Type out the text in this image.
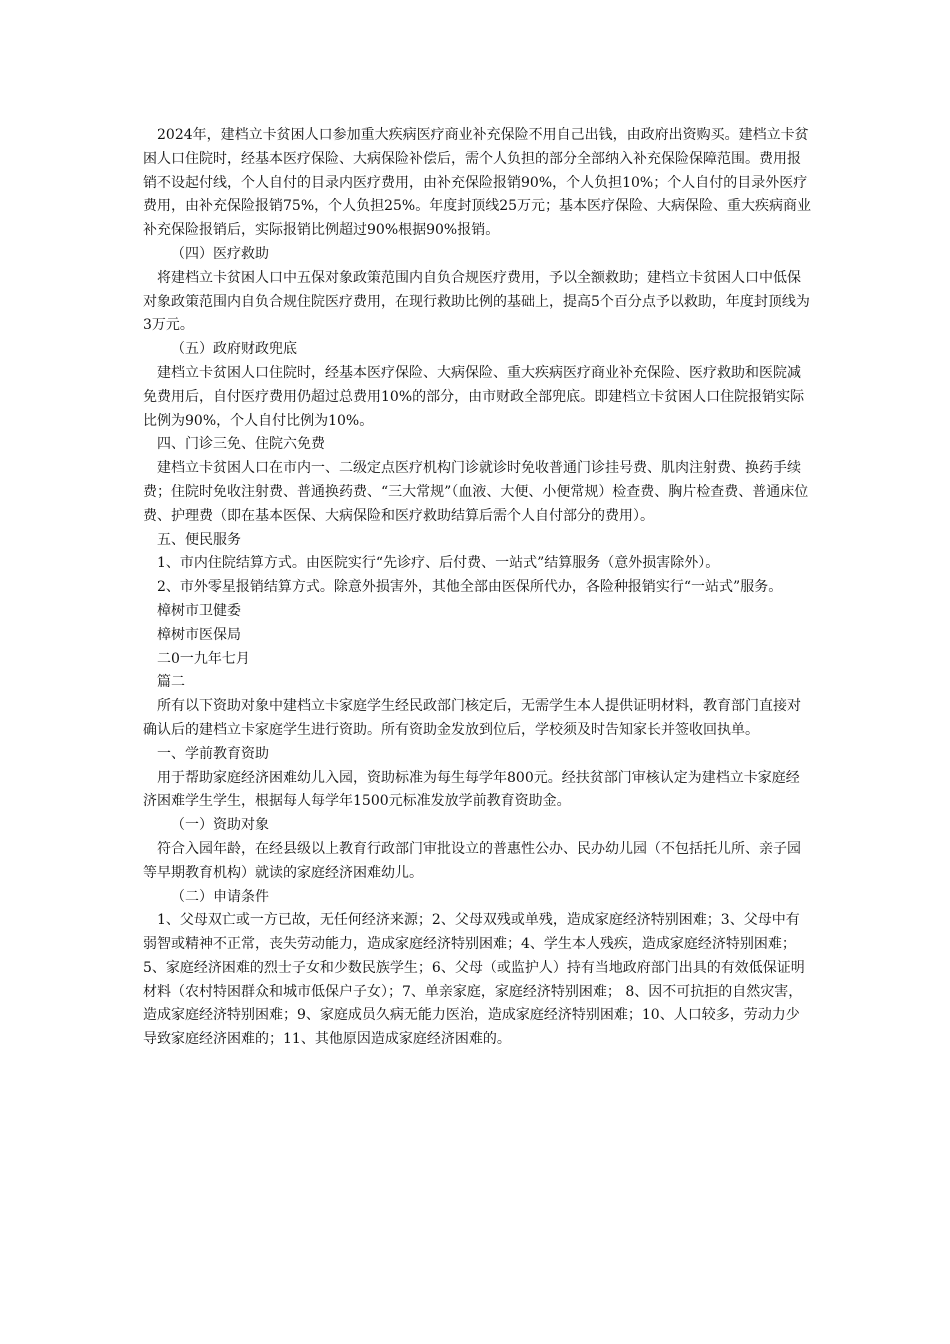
2024年，建档立卡贫困人口参加重大疾病医疗商业补充保险不用自己出钱，由政府出资购买。建档立卡贫困人口住院时，经基本医疗保险、大病保险补偿后，需个人负担的部分全部纳入补充保险保障范围。费用报销不设起付线，个人自付的目录内医疗费用，由补充保险报销90%，个人负担10%；个人自付的目录外医疗费用，由补充保险报销75%，个人负担25%。年度封顶线25万元；基本医疗保险、大病保险、重大疾病商业补充保险报销后，实际报销比例超过90%根据90%报销。

（四）医疗救助

将建档立卡贫困人口中五保对象政策范围内自负合规医疗费用，予以全额救助；建档立卡贫困人口中低保对象政策范围内自负合规住院医疗费用，在现行救助比例的基础上，提高5个百分点予以救助，年度封顶线为3万元。

（五）政府财政兜底

建档立卡贫困人口住院时，经基本医疗保险、大病保险、重大疾病医疗商业补充保险、医疗救助和医院减免费用后，自付医疗费用仍超过总费用10%的部分，由市财政全部兜底。即建档立卡贫困人口住院报销实际比例为90%，个人自付比例为10%。

四、门诊三免、住院六免费

建档立卡贫困人口在市内一、二级定点医疗机构门诊就诊时免收普通门诊挂号费、肌肉注射费、换药手续费；住院时免收注射费、普通换药费、“三大常规”（血液、大便、小便常规）检查费、胸片检查费、普通床位费、护理费（即在基本医保、大病保险和医疗救助结算后需个人自付部分的费用）。

五、便民服务

1、市内住院结算方式。由医院实行“先诊疗、后付费、一站式”结算服务（意外损害除外）。

2、市外零星报销结算方式。除意外损害外，其他全部由医保所代办，各险种报销实行“一站式”服务。

樟树市卫健委

樟树市医保局

二0一九年七月

篇二

所有以下资助对象中建档立卡家庭学生经民政部门核定后，无需学生本人提供证明材料，教育部门直接对确认后的建档立卡家庭学生进行资助。所有资助金发放到位后，学校须及时告知家长并签收回执单。

一、学前教育资助

用于帮助家庭经济困难幼儿入园，资助标准为每生每学年800元。经扶贫部门审核认定为建档立卡家庭经济困难学生学生，根据每人每学年1500元标准发放学前教育资助金。

（一）资助对象

符合入园年龄，在经县级以上教育行政部门审批设立的普惠性公办、民办幼儿园（不包括托儿所、亲子园等早期教育机构）就读的家庭经济困难幼儿。

（二）申请条件

1、父母双亡或一方已故，无任何经济来源；2、父母双残或单残，造成家庭经济特别困难；3、父母中有弱智或精神不正常，丧失劳动能力，造成家庭经济特别困难；4、学生本人残疾，造成家庭经济特别困难；5、家庭经济困难的烈士子女和少数民族学生；6、父母（或监护人）持有当地政府部门出具的有效低保证明材料（农村特困群众和城市低保户子女）；7、单亲家庭，家庭经济特别困难； 8、因不可抗拒的自然灾害，造成家庭经济特别困难；9、家庭成员久病无能力医治，造成家庭经济特别困难；10、人口较多，劳动力少导致家庭经济困难的；11、其他原因造成家庭经济困难的。
